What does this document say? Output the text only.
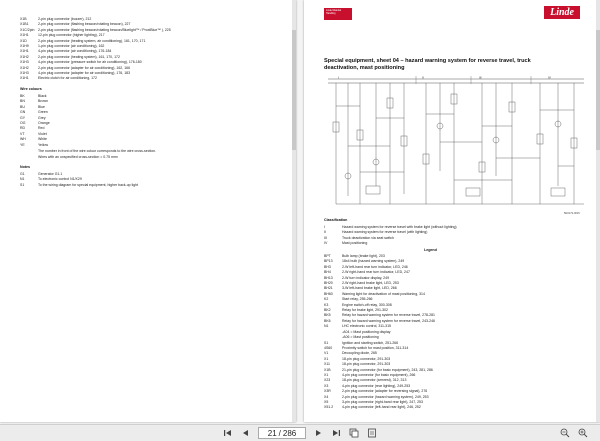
X1B	2-pin plug connector (buzzer), 212
X1B1	2-pin plug connector (flashing beacon/rotating beacon), 227
X1C/2pin	2-pin plug connector (flashing beacon/rotating beacon/Bluelight™ / ProxiBlue™ ), 225
X1H1	12-pin plug connector (higher lighting), 217
X1D	2-pin plug connector (heating system, air conditioning), 161, 170, 171
X1H9	1-pin plug connector (air conditioning), 162
X1H1	4-pin plug connector (air conditioning), 176-184
X1H2	2-pin plug connector (heating system), 161, 170, 172
X1H3	4-pin plug connector (pressure switch for air conditioning), 176-180
X1H2	2-pin plug connector (adapter for air conditioning), 162, 166
X1H3	4-pin plug connector (adapter for air conditioning), 176, 183
X1H1	Electric clutch for air conditioning, 172
Wire colours
BK	Black
BN	Brown
BU	Blue
GN	Green
GY	Grey
OG	Orange
RD	Red
VT	Violet
WH	White
YE	Yellow
The number in front of the wire colour corresponds to the wire cross-section.
Wires with an unspecified cross-section = 0.75 mm²
Notes
G1	Generator G1.1
N1	To electronic control N1/X29
S1	To the wiring diagram for special equipment, higher back-up light
Linde Material Handling	Linde
Special equipment, sheet 04 – hazard warning system for reverse travel, truck deactivation, mast positioning
I	II	III	IV
5R2173-0015
Classification
I	Hazard warning system for reverse travel with brake light (without lighting)
II	Hazard warning system for reverse travel (with lighting)
III	Truck deactivation via seat switch
IV	Mast positioning
Legend
BPT	Bulb lamp (brake light), 203
BP13	18x4 bulb (hazard warning system), 249
BH3	2-W left-hand rear turn indicator, LED, 246
BH4	2-W right-hand rear turn indicator, LED, 247
BH13	2-W turn indicator display, 249
BH20	2-W right-hand brake light, LED, 253
BH21	3-W left-hand brake light, LED, 266
BH60	Warning light for deactivation of mast positioning, 314
K2	Start relay, 255-266
K3	Engine switch-off relay, 300-308
BK2	Relay for brake light, 291-302
BK5	Relay for hazard warning system for reverse travel, 278-281
BK6	Relay for hazard warning system for reverse travel, 243-246
N1	LHC electronic control, 311-315
-A04 = Mast positioning display
-A06 = Mast positioning
S1	Ignition and starting switch, 251-266
4S60	Proximity switch for mast position, 311-314
V1	Decoupling diode, 265
X1	18-pin plug connector, 291-303
X11	18-pin plug connector, 291-303
X1B	21-pin plug connector (for basic equipment), 243, 281, 286
X1	4-pin plug connector (for basic equipment), 266
X23	18-pin plug connector (armrest), 312, 313
X3	4-pin plug connector (rear lighting), 249-253
X3R	2-pin plug connector (adapter for reversing signal), 276
X4	2-pin plug connector (hazard warning system), 249, 253
X5	3-pin plug connector (right-hand rear light), 247, 253
X51.2	4-pin plug connector (left-hand rear light), 246, 252
21 / 286
